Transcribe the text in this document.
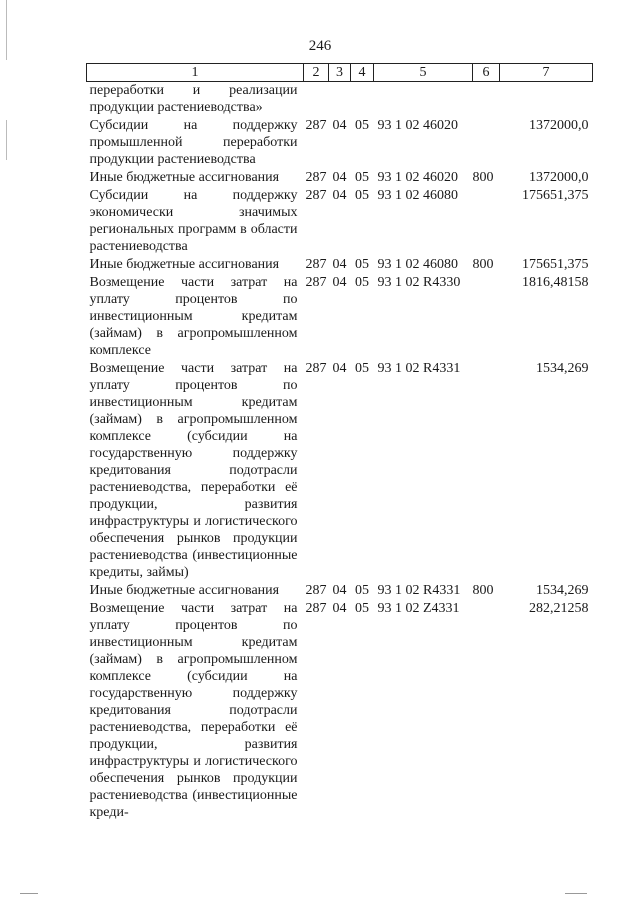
246
1	2	3	4	5	6	7
переработки и реализации продукции растениеводства»						
Субсидии на поддержку промышленной переработки продукции растениеводства	287	04	05	93 1 02 46020		1372000,0
Иные бюджетные ассигнования	287	04	05	93 1 02 46020	800	1372000,0
Субсидии на поддержку экономически значимых региональных программ в области растениеводства	287	04	05	93 1 02 46080		175651,375
Иные бюджетные ассигнования	287	04	05	93 1 02 46080	800	175651,375
Возмещение части затрат на уплату процентов по инвестиционным кредитам (займам) в агропромышленном комплексе	287	04	05	93 1 02 R4330		1816,48158
Возмещение части затрат на уплату процентов по инвестиционным кредитам (займам) в агропромышленном комплексе (субсидии на государственную поддержку кредитования подотрасли растениеводства, переработки её продукции, развития инфраструктуры и логистического обеспечения рынков продукции растениеводства (инвестиционные кредиты, займы)	287	04	05	93 1 02 R4331		1534,269
Иные бюджетные ассигнования	287	04	05	93 1 02 R4331	800	1534,269
Возмещение части затрат на уплату процентов по инвестиционным кредитам (займам) в агропромышленном комплексе (субсидии на государственную поддержку кредитования подотрасли растениеводства, переработки её продукции, развития инфраструктуры и логистического обеспечения рынков продукции растениеводства (инвестиционные креди-	287	04	05	93 1 02 Z4331		282,21258
